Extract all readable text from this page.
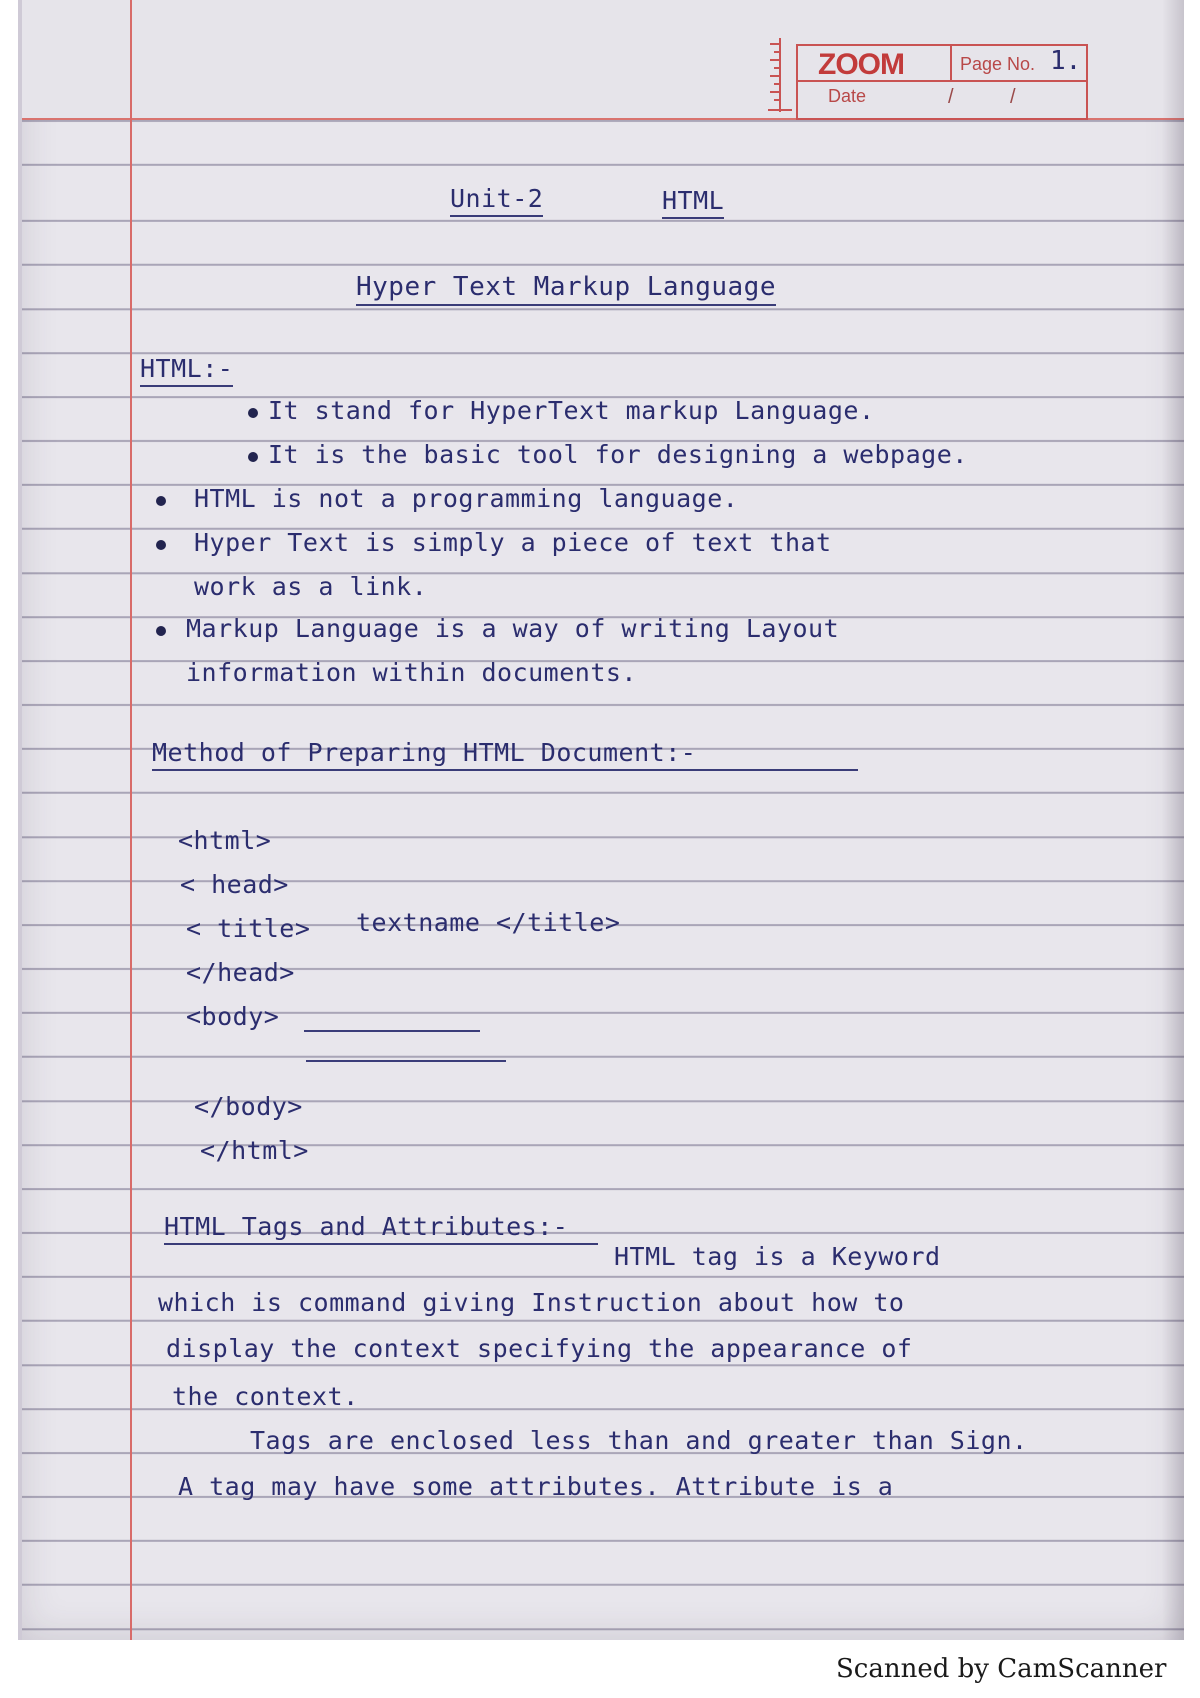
ZOOM	Page No. 1.
Date	/	/
Unit-2	HTML
Hyper Text Markup Language
HTML:-
It stand for HyperText markup Language.
It is the basic tool for designing a webpage.
HTML is not a programming language.
Hyper Text is simply a piece of text that
work as a link.
Markup Language is a way of writing Layout
information within documents.
Method of Preparing HTML Document:-
<html>
< head>
< title> textname </title>
</head>
<body>
</body>
</html>
HTML Tags and Attributes:-
HTML tag is a Keyword
which is command giving Instruction about how to
display the context specifying the appearance of
the context.
Tags are enclosed less than and greater than Sign.
A tag may have some attributes. Attribute is a
Scanned by CamScanner
